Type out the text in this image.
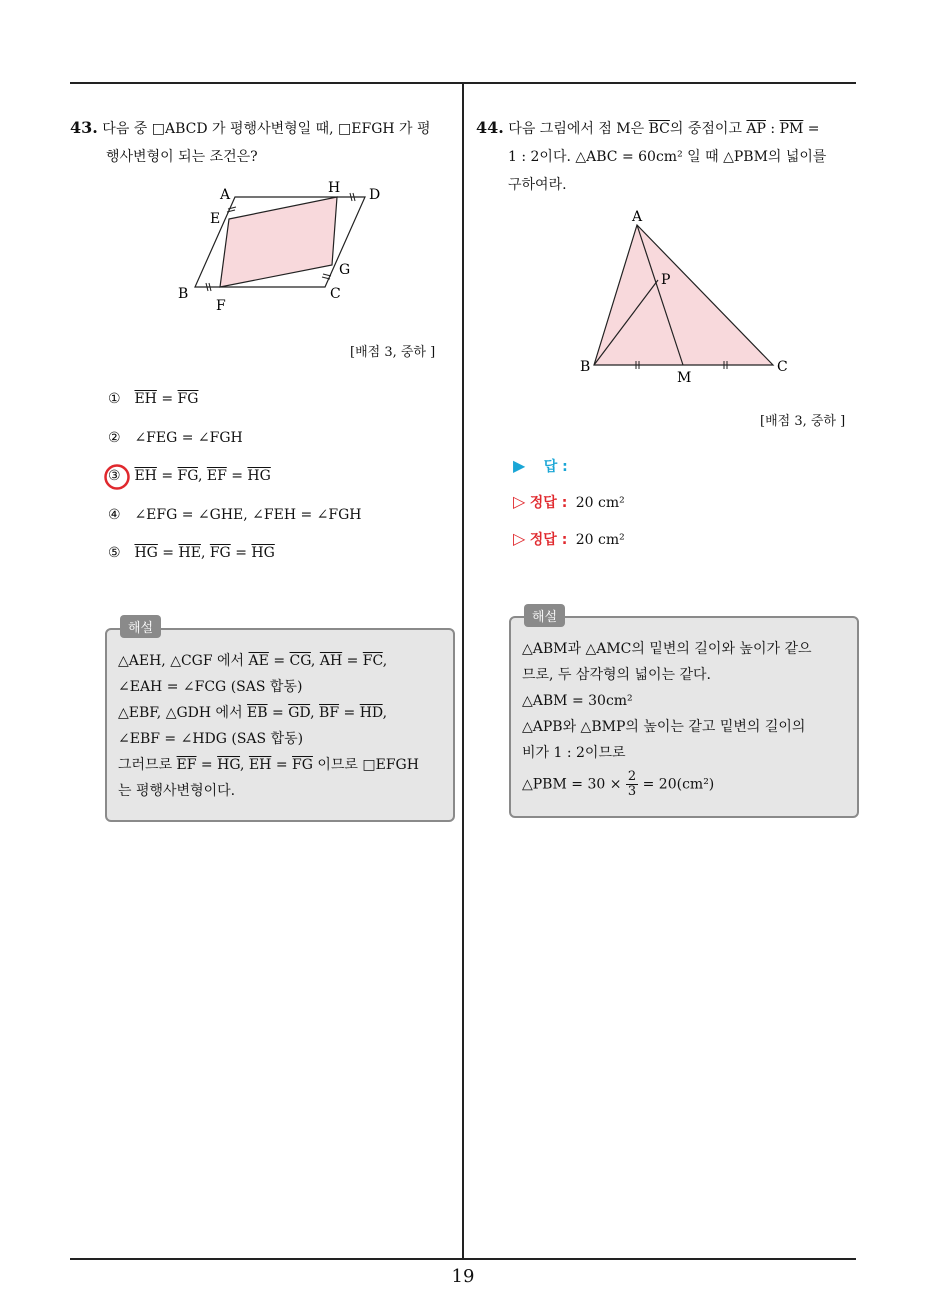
43. 다음 중 □ABCD 가 평행사변형일 때, □EFGH 가 평
행사변형이 되는 조건은?
A	H D
E
G
B	C
F
[배점 3, 중하 ]
① $\overline{EH} = \overline{FG}$
② ∠FEG = ∠FGH
③ $\overline{EH} = \overline{FG}$, $\overline{EF} = \overline{HG}$
④ ∠EFG = ∠GHE, ∠FEH = ∠FGH
⑤ $\overline{HG} = \overline{HE}$, $\overline{FG} = \overline{HG}$
해설
△AEH, △CGF 에서 $\overline{AE} = \overline{CG}$, $\overline{AH} = \overline{FC}$,
∠EAH = ∠FCG (SAS 합동)
△EBF, △GDH 에서 $\overline{EB} = \overline{GD}$, $\overline{BF} = \overline{HD}$,
∠EBF = ∠HDG (SAS 합동)
그러므로 $\overline{EF} = \overline{HG}$, $\overline{EH} = \overline{FG}$ 이므로 □EFGH
는 평행사변형이다.
44. 다음 그림에서 점 M은 $\overline{BC}$의 중점이고 $\overline{AP}$ : $\overline{PM}$ =
1 : 2이다. △ABC = 60cm² 일 때 △PBM의 넓이를
구하여라.
A
P
B
M
C
[배점 3, 중하 ]
▶ 답 :
▷ 정답 : 20 cm²
▷ 정답 : 20 cm²
해설
△ABM과 △AMC의 밑변의 길이와 높이가 같으
므로, 두 삼각형의 넓이는 같다.
△ABM = 30cm²
△APB와 △BMP의 높이는 같고 밑변의 길이의
비가 1 : 2이므로
△PBM = $30 \times \frac{2}{3} = 20(cm^2)$
19
